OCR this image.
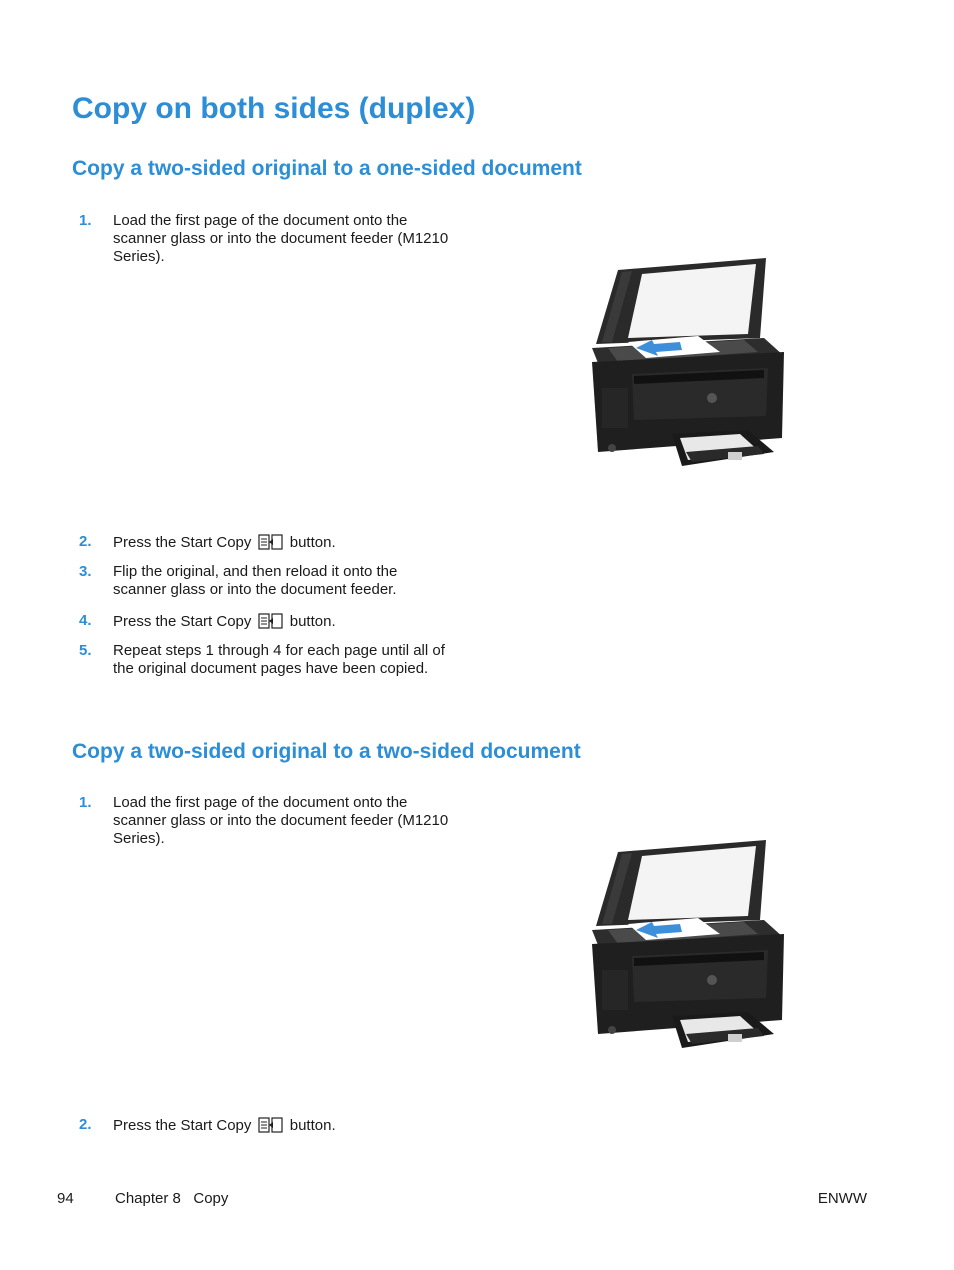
Copy on both sides (duplex)
Copy a two-sided original to a one-sided document
1.	Load the first page of the document onto the scanner glass or into the document feeder (M1210 Series).
2.	Press the Start Copy	button.
3.	Flip the original, and then reload it onto the scanner glass or into the document feeder.
4.	Press the Start Copy	button.
5.	Repeat steps 1 through 4 for each page until all of the original document pages have been copied.
Copy a two-sided original to a two-sided document
1.	Load the first page of the document onto the scanner glass or into the document feeder (M1210 Series).
2.	Press the Start Copy	button.
94	Chapter 8   Copy	ENWW
